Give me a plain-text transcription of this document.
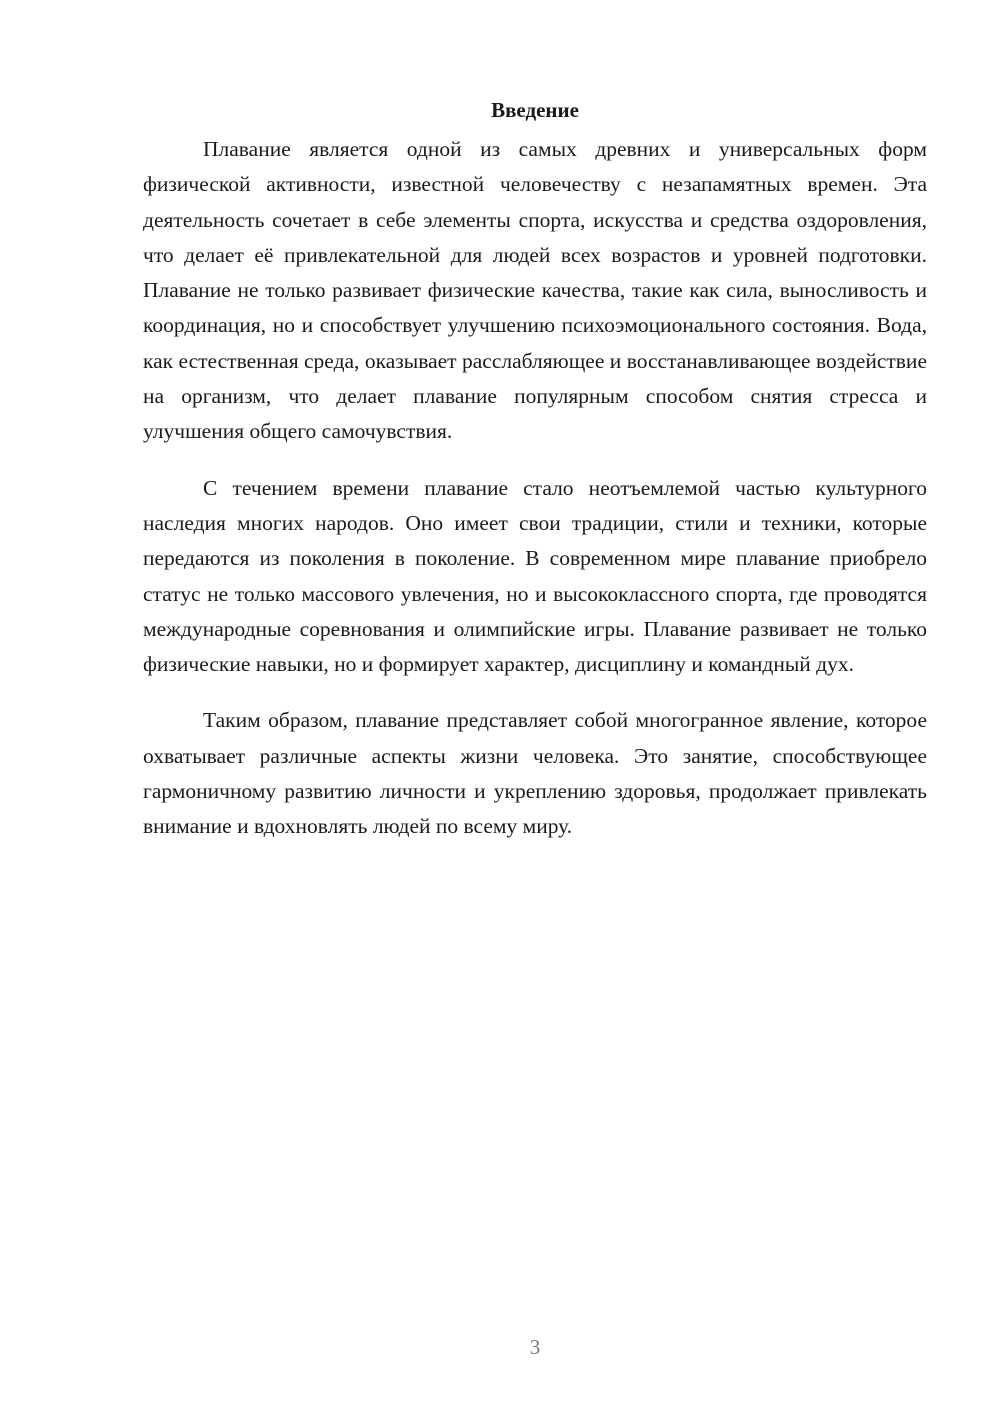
Введение

Плавание является одной из самых древних и универсальных форм физической активности, известной человечеству с незапамятных времен. Эта деятельность сочетает в себе элементы спорта, искусства и средства оздоровления, что делает её привлекательной для людей всех возрастов и уровней подготовки. Плавание не только развивает физические качества, такие как сила, выносливость и координация, но и способствует улучшению психоэмоционального состояния. Вода, как естественная среда, оказывает расслабляющее и восстанавливающее воздействие на организм, что делает плавание популярным способом снятия стресса и улучшения общего самочувствия.

С течением времени плавание стало неотъемлемой частью культурного наследия многих народов. Оно имеет свои традиции, стили и техники, которые передаются из поколения в поколение. В современном мире плавание приобрело статус не только массового увлечения, но и высококлассного спорта, где проводятся международные соревнования и олимпийские игры. Плавание развивает не только физические навыки, но и формирует характер, дисциплину и командный дух.

Таким образом, плавание представляет собой многогранное явление, которое охватывает различные аспекты жизни человека. Это занятие, способствующее гармоничному развитию личности и укреплению здоровья, продолжает привлекать внимание и вдохновлять людей по всему миру.

3
